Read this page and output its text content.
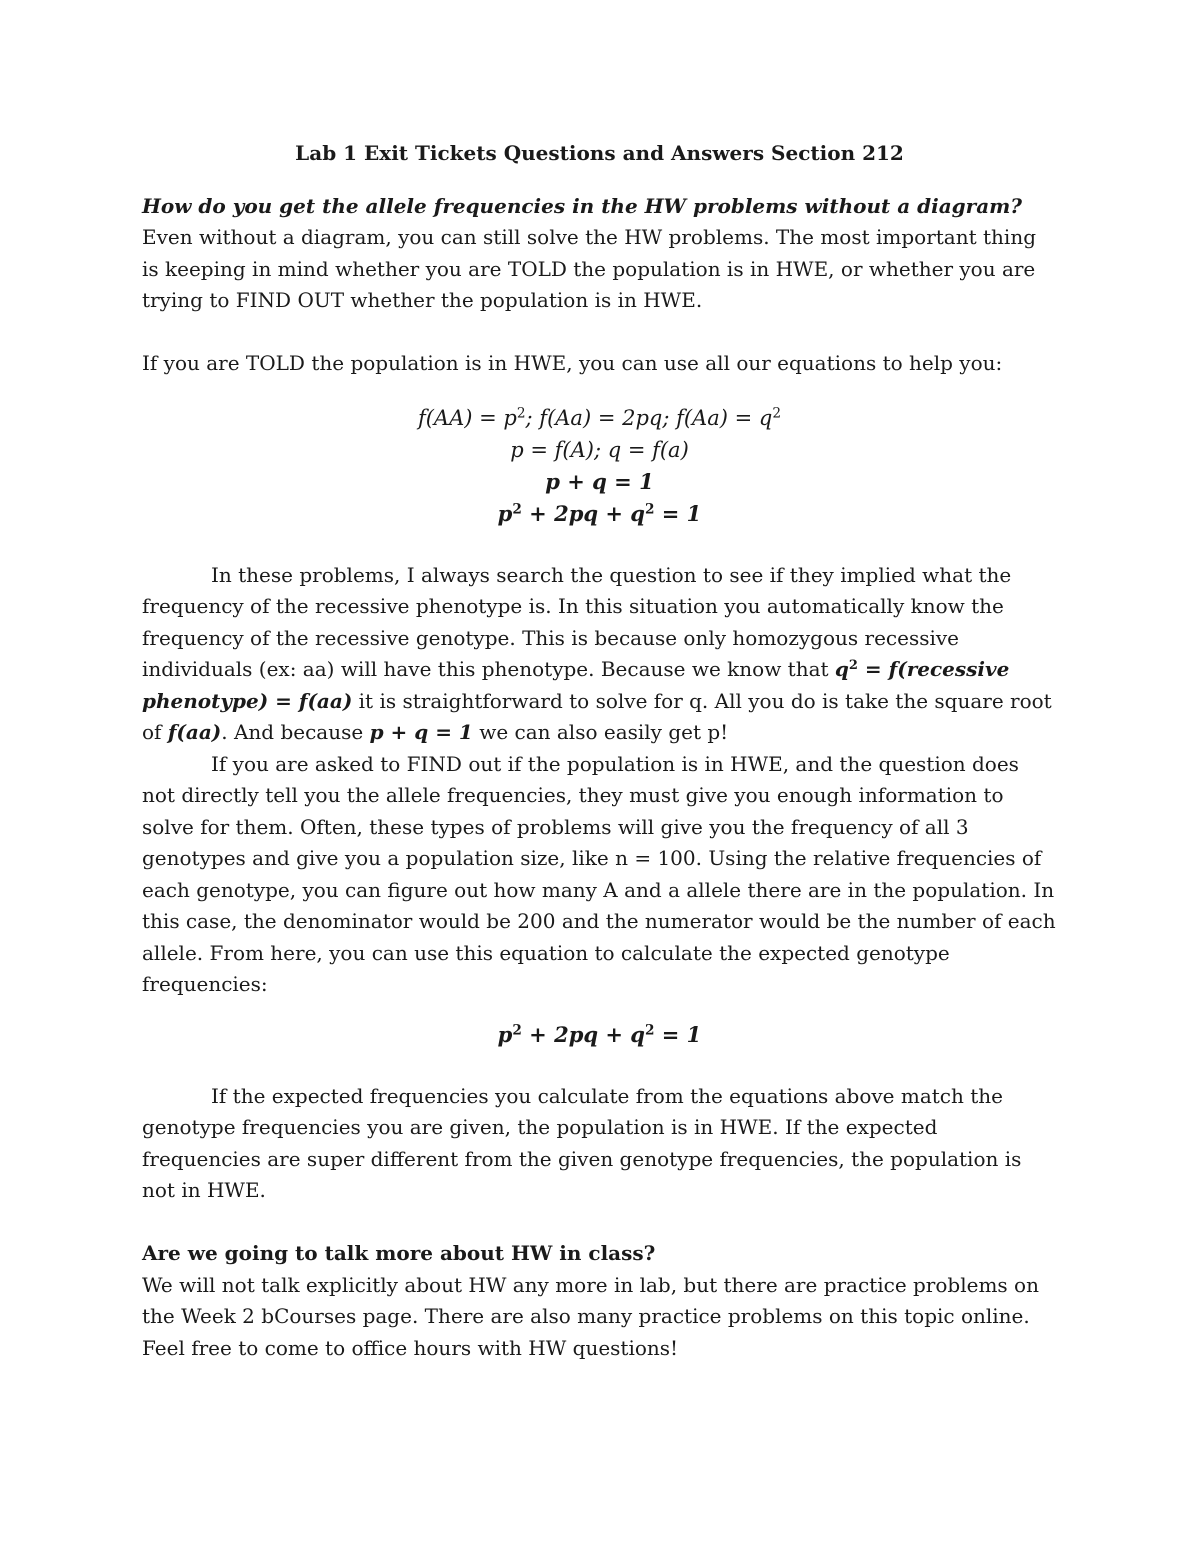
Lab 1 Exit Tickets Questions and Answers Section 212

How do you get the allele frequencies in the HW problems without a diagram?

Even without a diagram, you can still solve the HW problems. The most important thing is keeping in mind whether you are TOLD the population is in HWE, or whether you are trying to FIND OUT whether the population is in HWE.

If you are TOLD the population is in HWE, you can use all our equations to help you:

$f(AA) = p^2$; f(Aa) = 2pq; $f(Aa) = q^2$
p = f(A); q = f(a)
p + q = 1
$p^2 + 2pq + q^2 = 1$

In these problems, I always search the question to see if they implied what the frequency of the recessive phenotype is. In this situation you automatically know the frequency of the recessive genotype. This is because only homozygous recessive individuals (ex: aa) will have this phenotype. Because we know that $q^2$ = f(recessive phenotype) = f(aa) it is straightforward to solve for q. All you do is take the square root of f(aa). And because p + q = 1 we can also easily get p!

If you are asked to FIND out if the population is in HWE, and the question does not directly tell you the allele frequencies, they must give you enough information to solve for them. Often, these types of problems will give you the frequency of all 3 genotypes and give you a population size, like n = 100. Using the relative frequencies of each genotype, you can figure out how many A and a allele there are in the population. In this case, the denominator would be 200 and the numerator would be the number of each allele. From here, you can use this equation to calculate the expected genotype frequencies:

$p^2 + 2pq + q^2 = 1$

If the expected frequencies you calculate from the equations above match the genotype frequencies you are given, the population is in HWE. If the expected frequencies are super different from the given genotype frequencies, the population is not in HWE.

Are we going to talk more about HW in class?

We will not talk explicitly about HW any more in lab, but there are practice problems on the Week 2 bCourses page. There are also many practice problems on this topic online. Feel free to come to office hours with HW questions!
